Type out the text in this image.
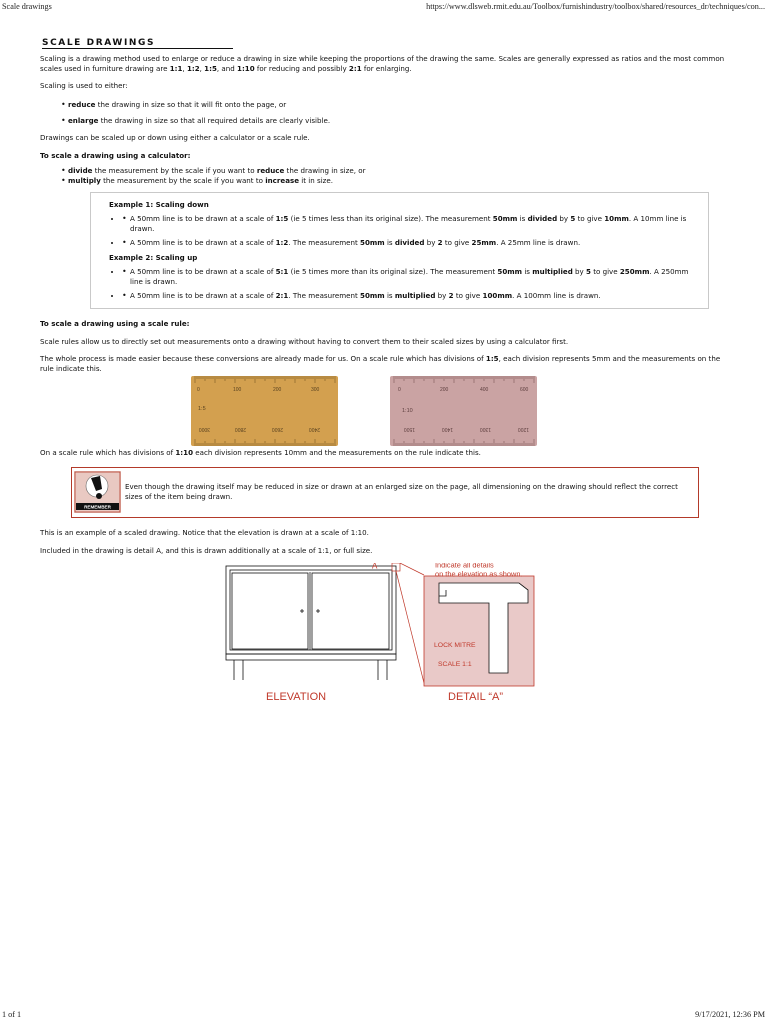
Scale drawings	https://www.dlsweb.rmit.edu.au/Toolbox/furnishindustry/toolbox/shared/resources_dr/techniques/con...
SCALE DRAWINGS

Scaling is a drawing method used to enlarge or reduce a drawing in size while keeping the proportions of the drawing the same. Scales are generally expressed as ratios and the most common scales used in furniture drawing are 1:1, 1:2, 1:5, and 1:10 for reducing and possibly 2:1 for enlarging.

Scaling is used to either:

• reduce the drawing in size so that it will fit onto the page, or
• enlarge the drawing in size so that all required details are clearly visible.

Drawings can be scaled up or down using either a calculator or a scale rule.

To scale a drawing using a calculator:

• divide the measurement by the scale if you want to reduce the drawing in size, or
• multiply the measurement by the scale if you want to increase it in size.

Example 1: Scaling down

• • A 50mm line is to be drawn at a scale of 1:5 (ie 5 times less than its original size). The measurement 50mm is divided by 5 to give 10mm. A 10mm line is drawn.
• • A 50mm line is to be drawn at a scale of 1:2. The measurement 50mm is divided by 2 to give 25mm. A 25mm line is drawn.

Example 2: Scaling up

• • A 50mm line is to be drawn at a scale of 5:1 (ie 5 times more than its original size). The measurement 50mm is multiplied by 5 to give 250mm. A 250mm line is drawn.
• • A 50mm line is to be drawn at a scale of 2:1. The measurement 50mm is multiplied by 2 to give 100mm. A 100mm line is drawn.

To scale a drawing using a scale rule:

Scale rules allow us to directly set out measurements onto a drawing without having to convert them to their scaled sizes by using a calculator first.

The whole process is made easier because these conversions are already made for us. On a scale rule which has divisions of 1:5, each division represents 5mm and the measurements on the rule indicate this.

0	100	200	300
1:5
2400
2600
2800
3000
0	200	400	600
1:10
1200
1300
1400
1500

On a scale rule which has divisions of 1:10 each division represents 10mm and the measurements on the rule indicate this.

REMEMBER

Even though the drawing itself may be reduced in size or drawn at an enlarged size on the page, all dimensioning on the drawing should reflect the correct sizes of the item being drawn.

This is an example of a scaled drawing. Notice that the elevation is drawn at a scale of 1:10.

Included in the drawing is detail A, and this is drawn additionally at a scale of 1:1, or full size.

A	Indicate all details
on the elevation as shown.
LOCK MITRE
SCALE 1:1
ELEVATION	DETAIL “A”
1 of 1	9/17/2021, 12:36 PM
